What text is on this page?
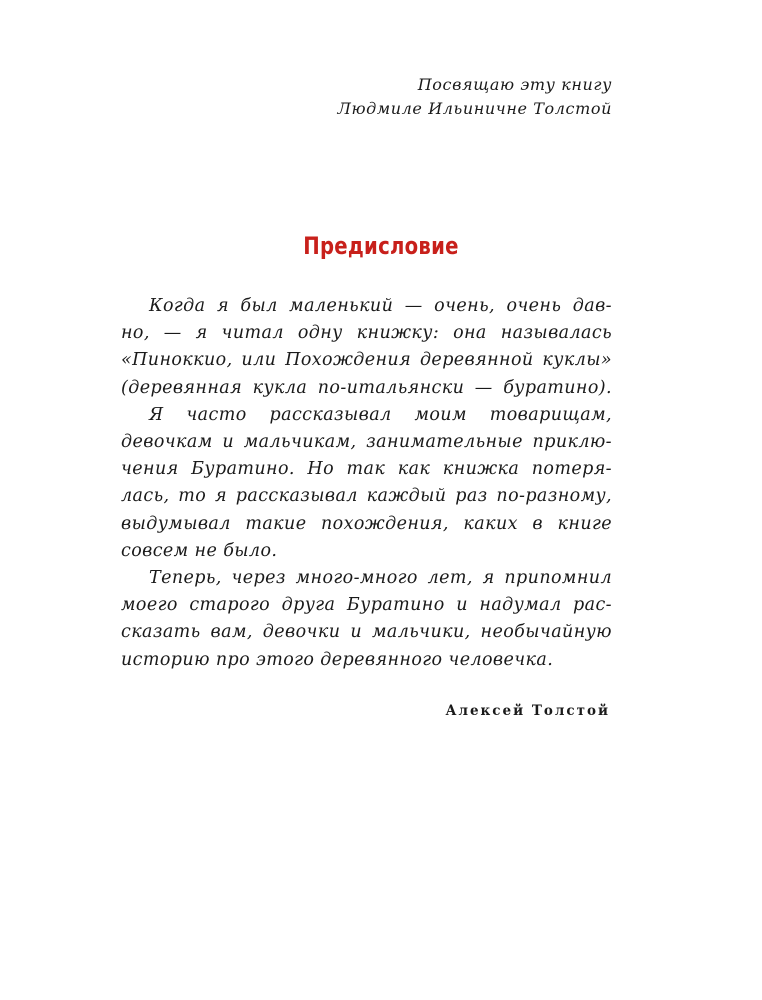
Посвящаю эту книгу
Людмиле Ильиничне Толстой
Предисловие
Когда я был маленький — очень, очень дав-
но, — я читал одну книжку: она называлась
«Пиноккио, или Похождения деревянной куклы»
(деревянная кукла по-итальянски — буратино).
Я часто рассказывал моим товарищам,
девочкам и мальчикам, занимательные приклю-
чения Буратино. Но так как книжка потеря-
лась, то я рассказывал каждый раз по-разному,
выдумывал такие похождения, каких в книге
совсем не было.
Теперь, через много-много лет, я припомнил
моего старого друга Буратино и надумал рас-
сказать вам, девочки и мальчики, необычайную
историю про этого деревянного человечка.
Алексей Толстой
